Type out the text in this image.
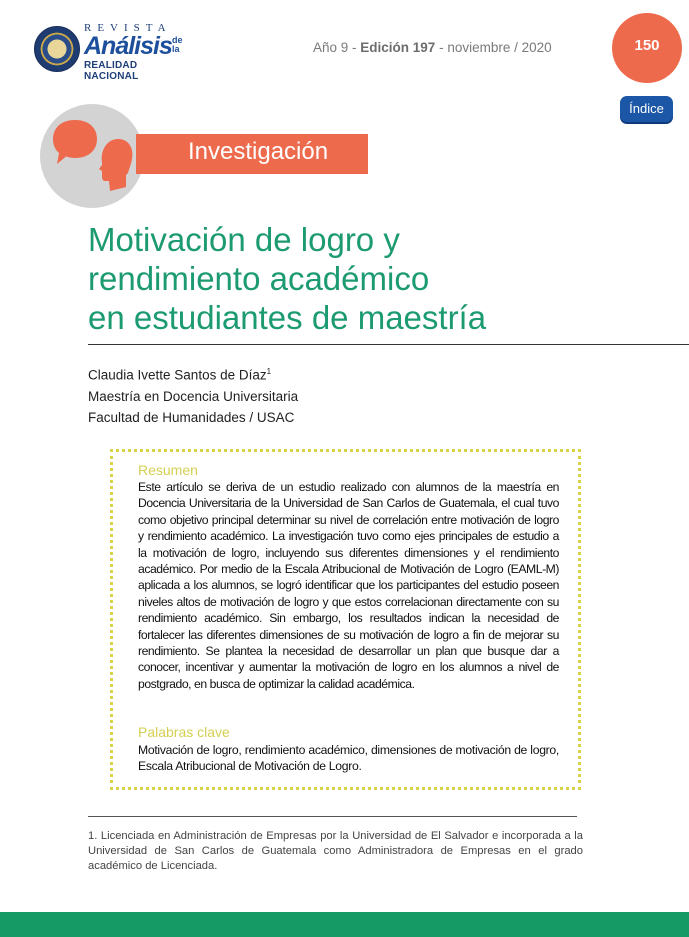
REVISTA
Análisis de la
REALIDAD NACIONAL
Año 9 - Edición 197 - noviembre / 2020	150
Índice
Investigación
Motivación de logro y
rendimiento académico
en estudiantes de maestría
Claudia Ivette Santos de Díaz$^1$
Maestría en Docencia Universitaria
Facultad de Humanidades / USAC
Resumen

Este artículo se deriva de un estudio realizado con alumnos de la maestría en Docencia Universitaria de la Universidad de San Carlos de Guatemala, el cual tuvo como objetivo principal determinar su nivel de correlación entre motivación de logro y rendimiento académico. La investigación tuvo como ejes principales de estudio a la motivación de logro, incluyendo sus diferentes dimensiones y el rendimiento académico. Por medio de la Escala Atribucional de Motivación de Logro (EAML-M) aplicada a los alumnos, se logró identificar que los participantes del estudio poseen niveles altos de motivación de logro y que estos correlacionan directamente con su rendimiento académico. Sin embargo, los resultados indican la necesidad de fortalecer las diferentes dimensiones de su motivación de logro a fin de mejorar su rendimiento. Se plantea la necesidad de desarrollar un plan que busque dar a conocer, incentivar y aumentar la motivación de logro en los alumnos a nivel de postgrado, en busca de optimizar la calidad académica.

Palabras clave

Motivación de logro, rendimiento académico, dimensiones de motivación de logro, Escala Atribucional de Motivación de Logro.

1. Licenciada en Administración de Empresas por la Universidad de El Salvador e incorporada a la Universidad de San Carlos de Guatemala como Administradora de Empresas en el grado académico de Licenciada.
